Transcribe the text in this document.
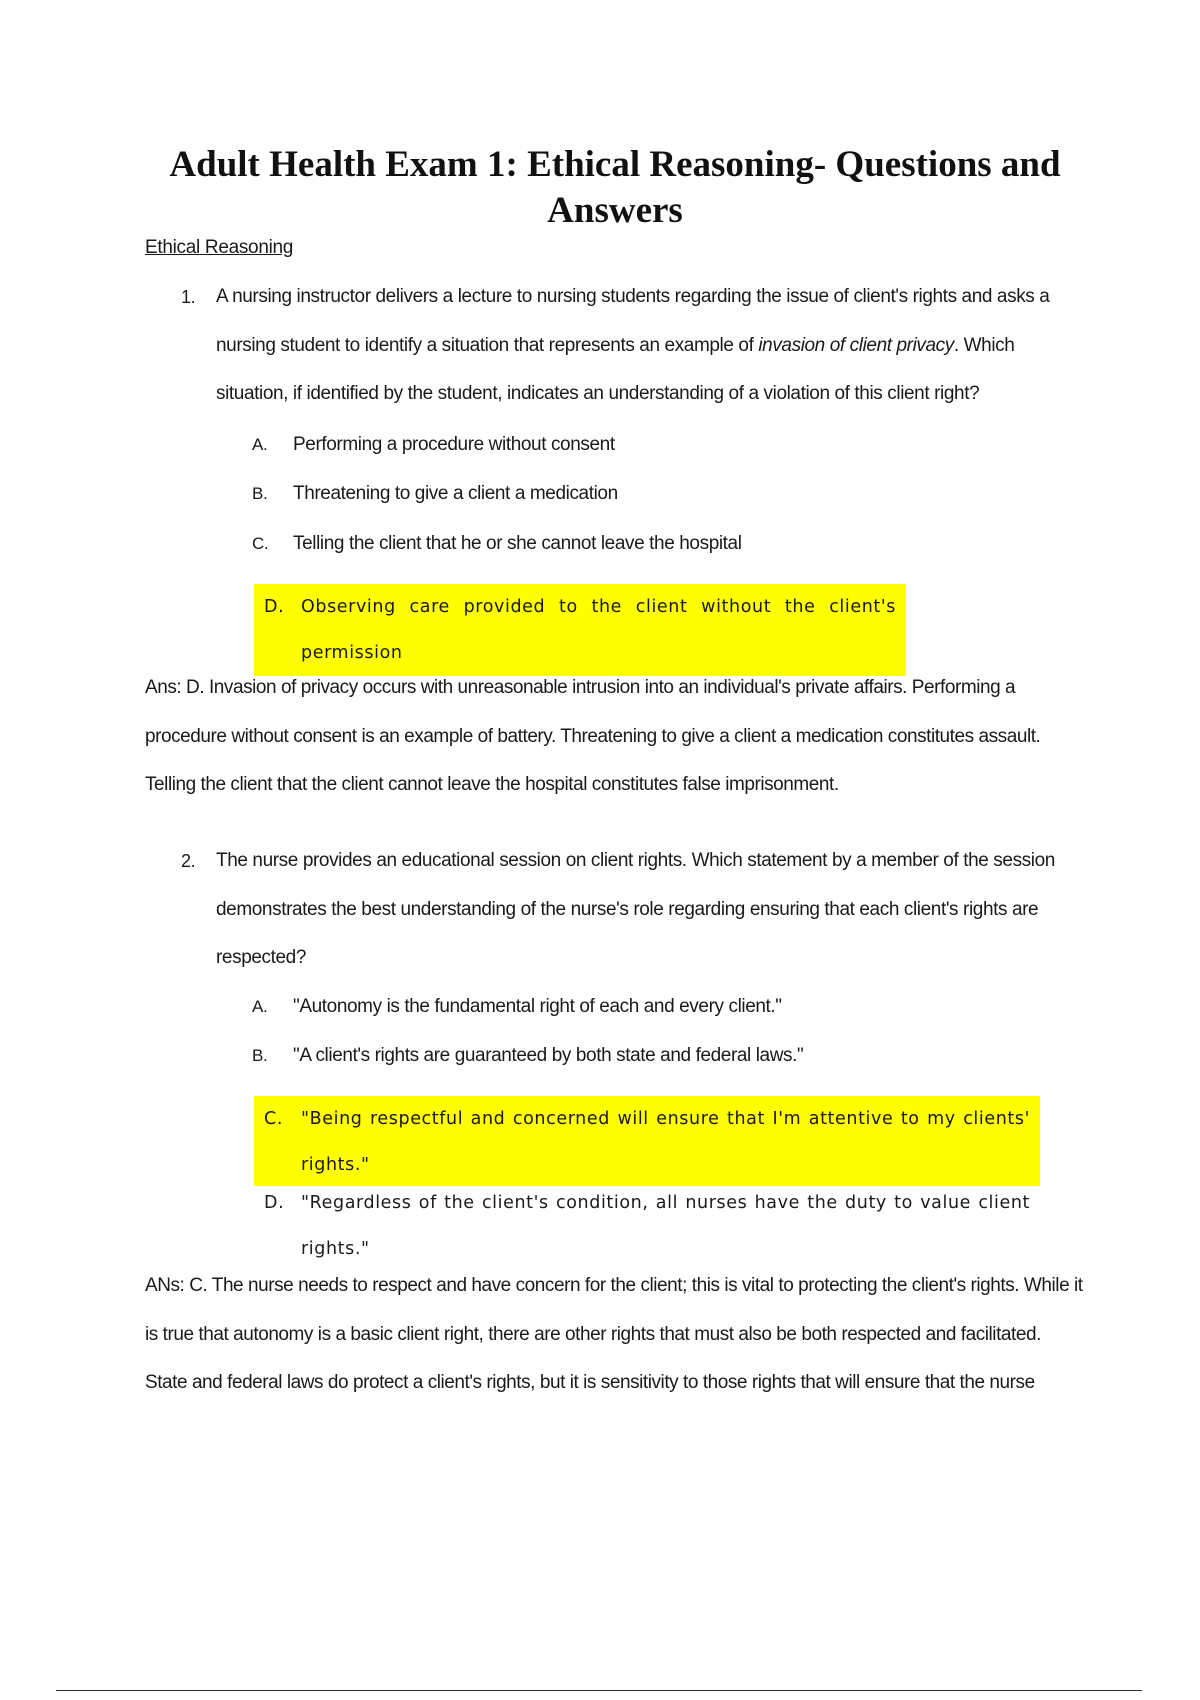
Adult Health Exam 1: Ethical Reasoning- Questions and Answers
Ethical Reasoning
1. A nursing instructor delivers a lecture to nursing students regarding the issue of client's rights and asks a nursing student to identify a situation that represents an example of invasion of client privacy. Which situation, if identified by the student, indicates an understanding of a violation of this client right?
A. Performing a procedure without consent
B. Threatening to give a client a medication
C. Telling the client that he or she cannot leave the hospital
D. Observing care provided to the client without the client's permission
Ans: D. Invasion of privacy occurs with unreasonable intrusion into an individual's private affairs. Performing a procedure without consent is an example of battery. Threatening to give a client a medication constitutes assault. Telling the client that the client cannot leave the hospital constitutes false imprisonment.
2. The nurse provides an educational session on client rights. Which statement by a member of the session demonstrates the best understanding of the nurse's role regarding ensuring that each client's rights are respected?
A. "Autonomy is the fundamental right of each and every client."
B. "A client's rights are guaranteed by both state and federal laws."
C. "Being respectful and concerned will ensure that I'm attentive to my clients' rights."
D. "Regardless of the client's condition, all nurses have the duty to value client rights."
ANs: C. The nurse needs to respect and have concern for the client; this is vital to protecting the client's rights. While it is true that autonomy is a basic client right, there are other rights that must also be both respected and facilitated. State and federal laws do protect a client's rights, but it is sensitivity to those rights that will ensure that the nurse
